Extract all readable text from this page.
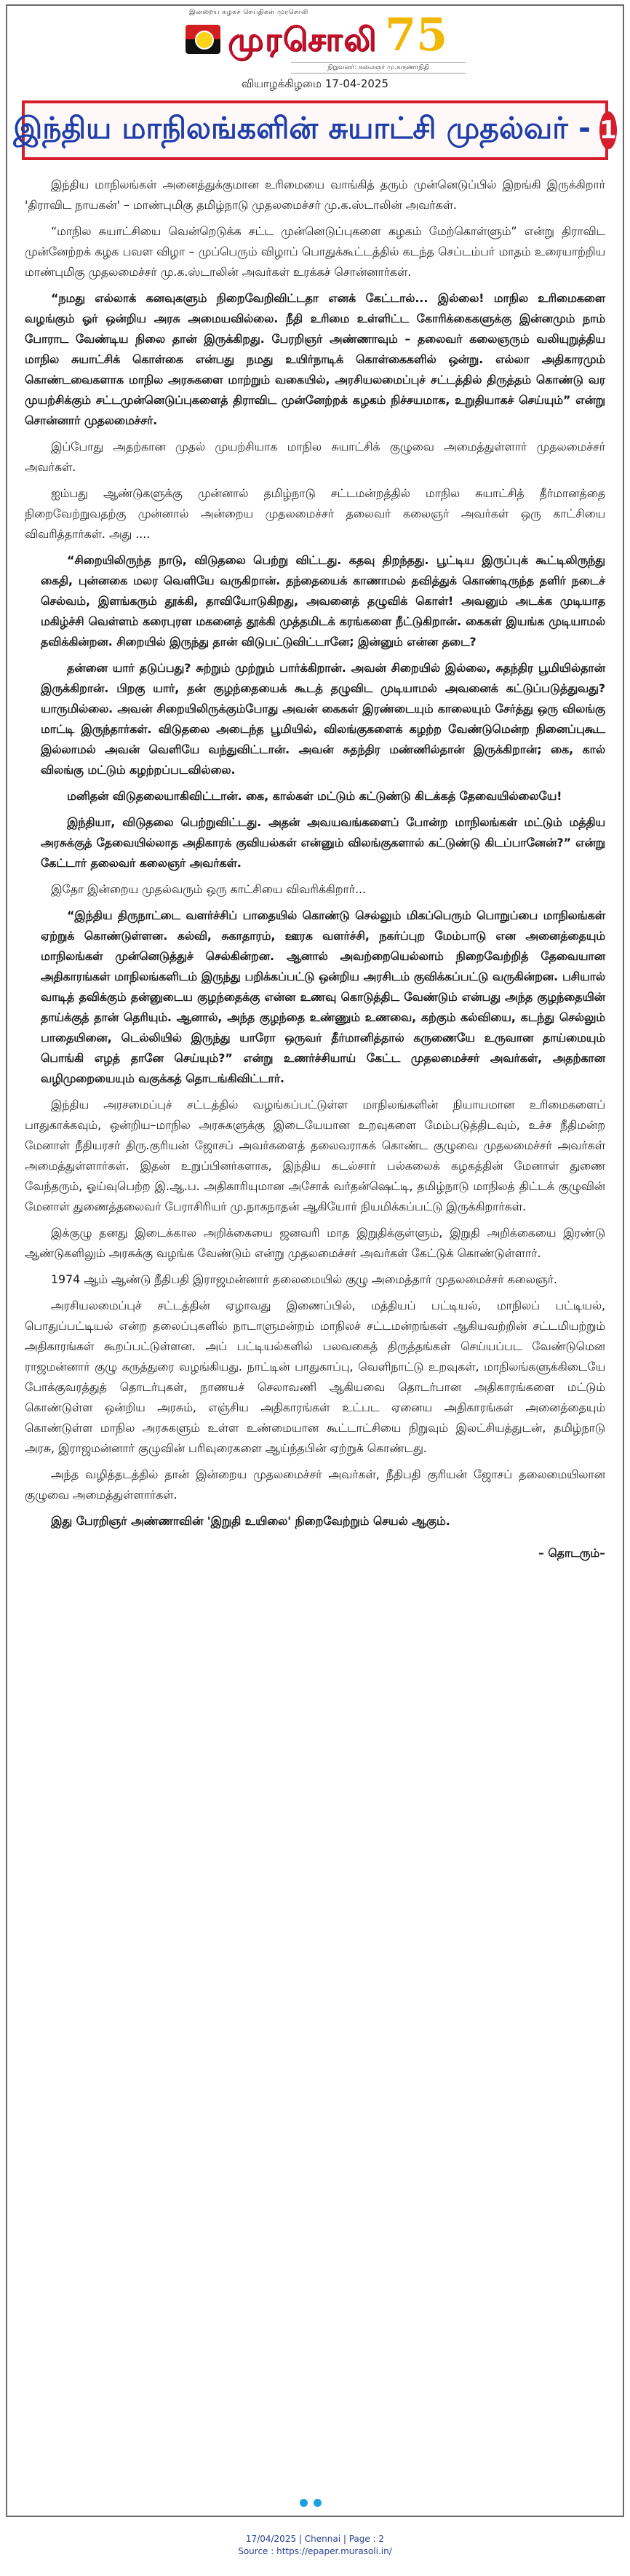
இன்றைய கழகச் செய்திகள் முரசொலி
முரசொலி 75
நிறுவனர்: கலைஞர் மு.கருணாநிதி
வியாழக்கிழமை 17-04-2025
இந்திய மாநிலங்களின் சுயாட்சி முதல்வர் - 1

இந்திய மாநிலங்கள் அனைத்துக்குமான உரிமையை வாங்கித் தரும் முன்னெடுப்பில் இறங்கி இருக்கிறார் 'திராவிட நாயகன்' – மாண்புமிகு தமிழ்நாடு முதலமைச்சர் மு.க.ஸ்டாலின் அவர்கள்.

“மாநில சுயாட்சியை வென்றெடுக்க சட்ட முன்னெடுப்புகளை கழகம் மேற்கொள்ளும்” என்று திராவிட முன்னேற்றக் கழக பவள விழா – முப்பெரும் விழாப் பொதுக்கூட்டத்தில் கடந்த செப்டம்பர் மாதம் உரையாற்றிய மாண்புமிகு முதலமைச்சர் மு.க.ஸ்டாலின் அவர்கள் உரக்கச் சொன்னார்கள்.

“நமது எல்லாக் கனவுகளும் நிறைவேறிவிட்டதா எனக் கேட்டால்... இல்லை! மாநில உரிமைகளை வழங்கும் ஓர் ஒன்றிய அரசு அமையவில்லை. நீதி உரிமை உள்ளிட்ட கோரிக்கைகளுக்கு இன்னமும் நாம் போராட வேண்டிய நிலை தான் இருக்கிறது. பேரறிஞர் அண்ணாவும் – தலைவர் கலைஞரும் வலியுறுத்திய மாநில சுயாட்சிக் கொள்கை என்பது நமது உயிர்நாடிக் கொள்கைகளில் ஒன்று. எல்லா அதிகாரமும் கொண்டவைகளாக மாநில அரசுகளை மாற்றும் வகையில், அரசியலமைப்புச் சட்டத்தில் திருத்தம் கொண்டு வர முயற்சிக்கும் சட்டமுன்னெடுப்புகளைத் திராவிட முன்னேற்றக் கழகம் நிச்சயமாக, உறுதியாகச் செய்யும்” என்று சொன்னார் முதலமைச்சர்.

இப்போது அதற்கான முதல் முயற்சியாக மாநில சுயாட்சிக் குழுவை அமைத்துள்ளார் முதலமைச்சர் அவர்கள்.

ஐம்பது ஆண்டுகளுக்கு முன்னால் தமிழ்நாடு சட்டமன்றத்தில் மாநில சுயாட்சித் தீர்மானத்தை நிறைவேற்றுவதற்கு முன்னால் அன்றைய முதலமைச்சர் தலைவர் கலைஞர் அவர்கள் ஒரு காட்சியை விவரித்தார்கள். அது ....

“சிறையிலிருந்த நாடு, விடுதலை பெற்று விட்டது. கதவு திறந்தது. பூட்டிய இருப்புக் கூட்டிலிருந்து கைதி, புன்னகை மலர வெளியே வருகிறான். தந்தையைக் காணாமல் தவித்துக் கொண்டிருந்த தளிர் நடைச் செல்வம், இளங்கரும் தூக்கி, தாவியோடுகிறது, அவனைத் தழுவிக் கொள்! அவனும் அடக்க முடியாத மகிழ்ச்சி வெள்ளம் கரைபுரள மகனைத் தூக்கி முத்தமிடக் கரங்களை நீட்டுகிறான். கைகள் இயங்க முடியாமல் தவிக்கின்றன. சிறையில் இருந்து தான் விடுபட்டுவிட்டானே; இன்னும் என்ன தடை?

தன்னை யார் தடுப்பது? சுற்றும் முற்றும் பார்க்கிறான். அவன் சிறையில் இல்லை, சுதந்திர பூமியில்தான் இருக்கிறான். பிறகு யார், தன் குழந்தையைக் கூடத் தழுவிட முடியாமல் அவனைக் கட்டுப்படுத்துவது? யாருமில்லை. அவன் சிறையிலிருக்கும்போது அவன் கைகள் இரண்டையும் காலையும் சேர்த்து ஒரு விலங்கு மாட்டி இருந்தார்கள். விடுதலை அடைந்த பூமியில், விலங்குகளைக் கழற்ற வேண்டுமென்ற நினைப்புகூட இல்லாமல் அவன் வெளியே வந்துவிட்டான். அவன் சுதந்திர மண்ணில்தான் இருக்கிறான்; கை, கால் விலங்கு மட்டும் கழற்றப்படவில்லை.

மனிதன் விடுதலையாகிவிட்டான். கை, கால்கள் மட்டும் கட்டுண்டு கிடக்கத் தேவையில்லையே!

இந்தியா, விடுதலை பெற்றுவிட்டது. அதன் அவயவங்களைப் போன்ற மாநிலங்கள் மட்டும் மத்திய அரசுக்குத் தேவையில்லாத அதிகாரக் குவியல்கள் என்னும் விலங்குகளால் கட்டுண்டு கிடப்பானேன்?” என்று கேட்டார் தலைவர் கலைஞர் அவர்கள்.

இதோ இன்றைய முதல்வரும் ஒரு காட்சியை விவரிக்கிறார்...

“இந்திய திருநாட்டை வளர்ச்சிப் பாதையில் கொண்டு செல்லும் மிகப்பெரும் பொறுப்பை மாநிலங்கள் ஏற்றுக் கொண்டுள்ளன. கல்வி, சுகாதாரம், ஊரக வளர்ச்சி, நகர்ப்புற மேம்பாடு என அனைத்தையும் மாநிலங்கள் முன்னெடுத்துச் செல்கின்றன. ஆனால் அவற்றையெல்லாம் நிறைவேற்றித் தேவையான அதிகாரங்கள் மாநிலங்களிடம் இருந்து பறிக்கப்பட்டு ஒன்றிய அரசிடம் குவிக்கப்பட்டு வருகின்றன. பசியால் வாடித் தவிக்கும் தன்னுடைய குழந்தைக்கு என்ன உணவு கொடுத்திட வேண்டும் என்பது அந்த குழந்தையின் தாய்க்குத் தான் தெரியும். ஆனால், அந்த குழந்தை உண்ணும் உணவை, கற்கும் கல்வியை, கடந்து செல்லும் பாதையினை, டெல்லியில் இருந்து யாரோ ஒருவர் தீர்மானித்தால் கருணையே உருவான தாய்மையும் பொங்கி எழத் தானே செய்யும்?” என்று உணர்ச்சியாய் கேட்ட முதலமைச்சர் அவர்கள், அதற்கான வழிமுறையையும் வகுக்கத் தொடங்கிவிட்டார்.

இந்திய அரசமைப்புச் சட்டத்தில் வழங்கப்பட்டுள்ள மாநிலங்களின் நியாயமான உரிமைகளைப் பாதுகாக்கவும், ஒன்றிய–மாநில அரசுகளுக்கு இடையேயான உறவுகளை மேம்படுத்திடவும், உச்ச நீதிமன்ற மேனாள் நீதியரசர் திரு.குரியன் ஜோசப் அவர்களைத் தலைவராகக் கொண்ட குழுவை முதலமைச்சர் அவர்கள் அமைத்துள்ளார்கள். இதன் உறுப்பினர்களாக, இந்திய கடல்சார் பல்கலைக் கழகத்தின் மேனாள் துணை வேந்தரும், ஓய்வுபெற்ற இ.ஆ.ப. அதிகாரியுமான அசோக் வர்தன்ஷெட்டி, தமிழ்நாடு மாநிலத் திட்டக் குழுவின் மேனாள் துணைத்தலைவர் பேராசிரியர் மு.நாகநாதன் ஆகியோர் நியமிக்கப்பட்டு இருக்கிறார்கள்.

இக்குழு தனது இடைக்கால அறிக்கையை ஜனவரி மாத இறுதிக்குள்ளும், இறுதி அறிக்கையை இரண்டு ஆண்டுகளிலும் அரசுக்கு வழங்க வேண்டும் என்று முதலமைச்சர் அவர்கள் கேட்டுக் கொண்டுள்ளார்.

1974 ஆம் ஆண்டு நீதிபதி இராஜமன்னார் தலைமையில் குழு அமைத்தார் முதலமைச்சர் கலைஞர்.

அரசியலமைப்புச் சட்டத்தின் ஏழாவது இணைப்பில், மத்தியப் பட்டியல், மாநிலப் பட்டியல், பொதுப்பட்டியல் என்ற தலைப்புகளில் நாடாளுமன்றம் மாநிலச் சட்டமன்றங்கள் ஆகியவற்றின் சட்டமியற்றும் அதிகாரங்கள் கூறப்பட்டுள்ளன. அப் பட்டியல்களில் பலவகைத் திருத்தங்கள் செய்யப்பட வேண்டுமென ராஜமன்னார் குழு கருத்துரை வழங்கியது. நாட்டின் பாதுகாப்பு, வெளிநாட்டு உறவுகள், மாநிலங்களுக்கிடையே போக்குவரத்துத் தொடர்புகள், நாணயச் செலாவணி ஆகியவை தொடர்பான அதிகாரங்களை மட்டும் கொண்டுள்ள ஒன்றிய அரசும், எஞ்சிய அதிகாரங்கள் உட்பட ஏனைய அதிகாரங்கள் அனைத்தையும் கொண்டுள்ள மாநில அரசுகளும் உள்ள உண்மையான கூட்டாட்சியை நிறுவும் இலட்சியத்துடன், தமிழ்நாடு அரசு, இராஜமன்னார் குழுவின் பரிவுரைகளை ஆய்ந்தபின் ஏற்றுக் கொண்டது.

அந்த வழித்தடத்தில் தான் இன்றைய முதலமைச்சர் அவர்கள், நீதிபதி குரியன் ஜோசப் தலைமையிலான குழுவை அமைத்துள்ளார்கள்.

இது பேரறிஞர் அண்ணாவின் 'இறுதி உயிலை' நிறைவேற்றும் செயல் ஆகும்.

– தொடரும்–

17/04/2025 | Chennai | Page : 2
Source : https://epaper.murasoli.in/
